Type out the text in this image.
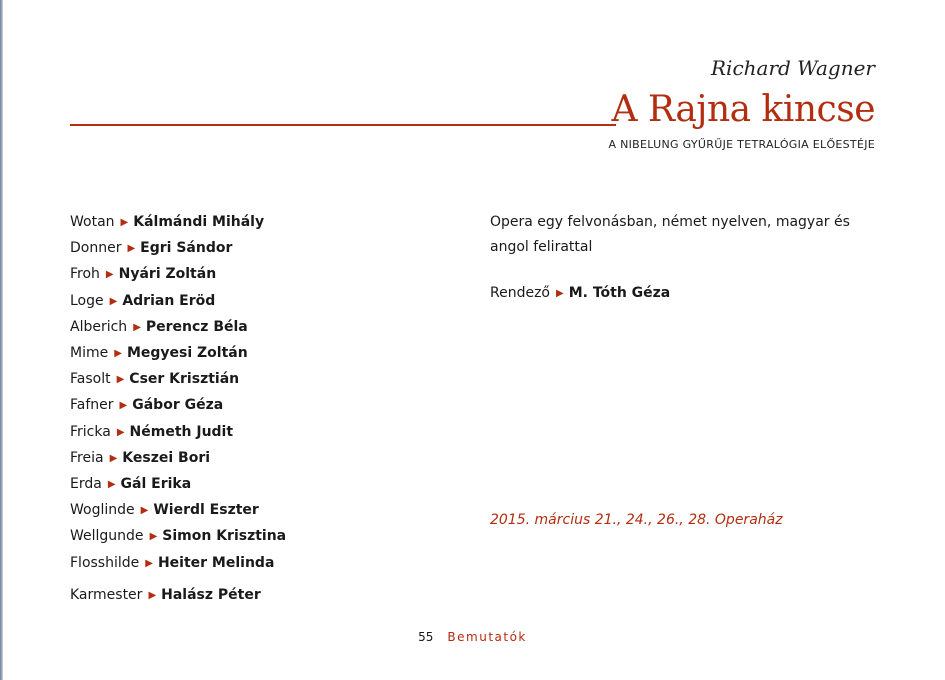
Richard Wagner
A Rajna kincse
A NIBELUNG GYŰRŰJE TETRALÓGIA ELŐESTÉJE
Wotan ▶ Kálmándi Mihály
Donner ▶ Egri Sándor
Froh ▶ Nyári Zoltán
Loge ▶ Adrian Eröd
Alberich ▶ Perencz Béla
Mime ▶ Megyesi Zoltán
Fasolt ▶ Cser Krisztián
Fafner ▶ Gábor Géza
Fricka ▶ Németh Judit
Freia ▶ Keszei Bori
Erda ▶ Gál Erika
Woglinde ▶ Wierdl Eszter
Wellgunde ▶ Simon Krisztina
Flosshilde ▶ Heiter Melinda
Karmester ▶ Halász Péter
Opera egy felvonásban, német nyelven, magyar és angol felirattal
Rendező ▶ M. Tóth Géza
2015. március 21., 24., 26., 28. Operaház
55 Bemutatók
